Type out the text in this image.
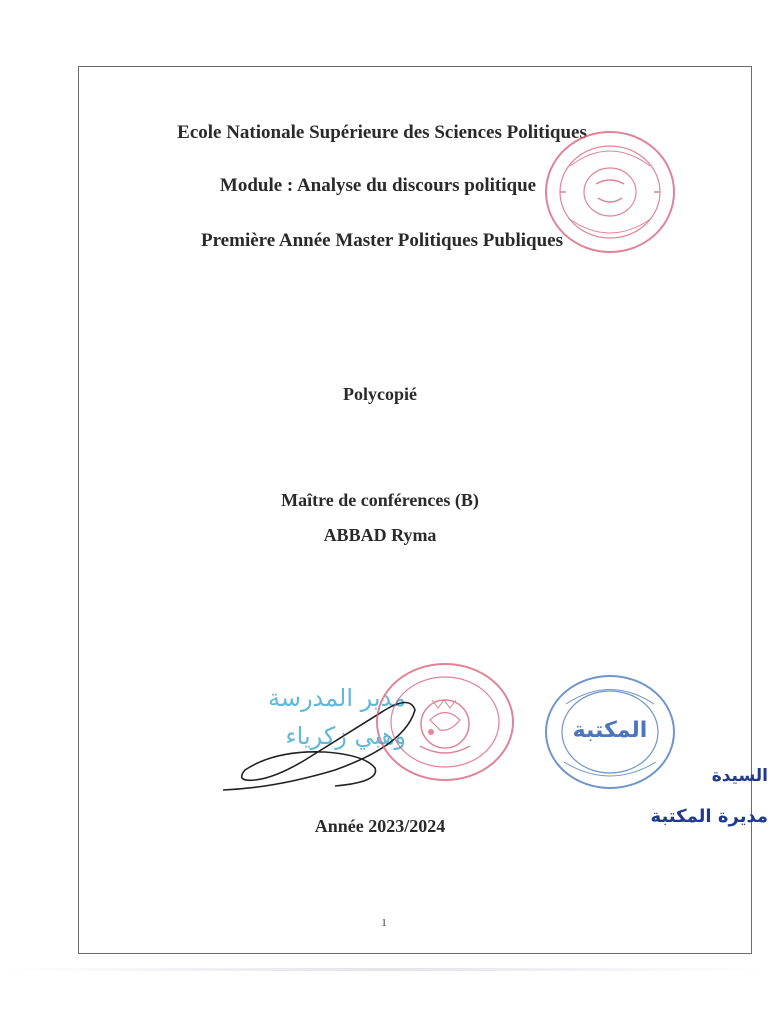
Ecole Nationale Supérieure des Sciences Politiques
Module : Analyse du discours politique
Première Année Master Politiques Publiques
Polycopié
Maître de conférences (B)
ABBAD Ryma
Année 2023/2024
1
مدير المدرسة
وهبي زكرياء	المكتبة
السيدة
مديرة المكتبة
